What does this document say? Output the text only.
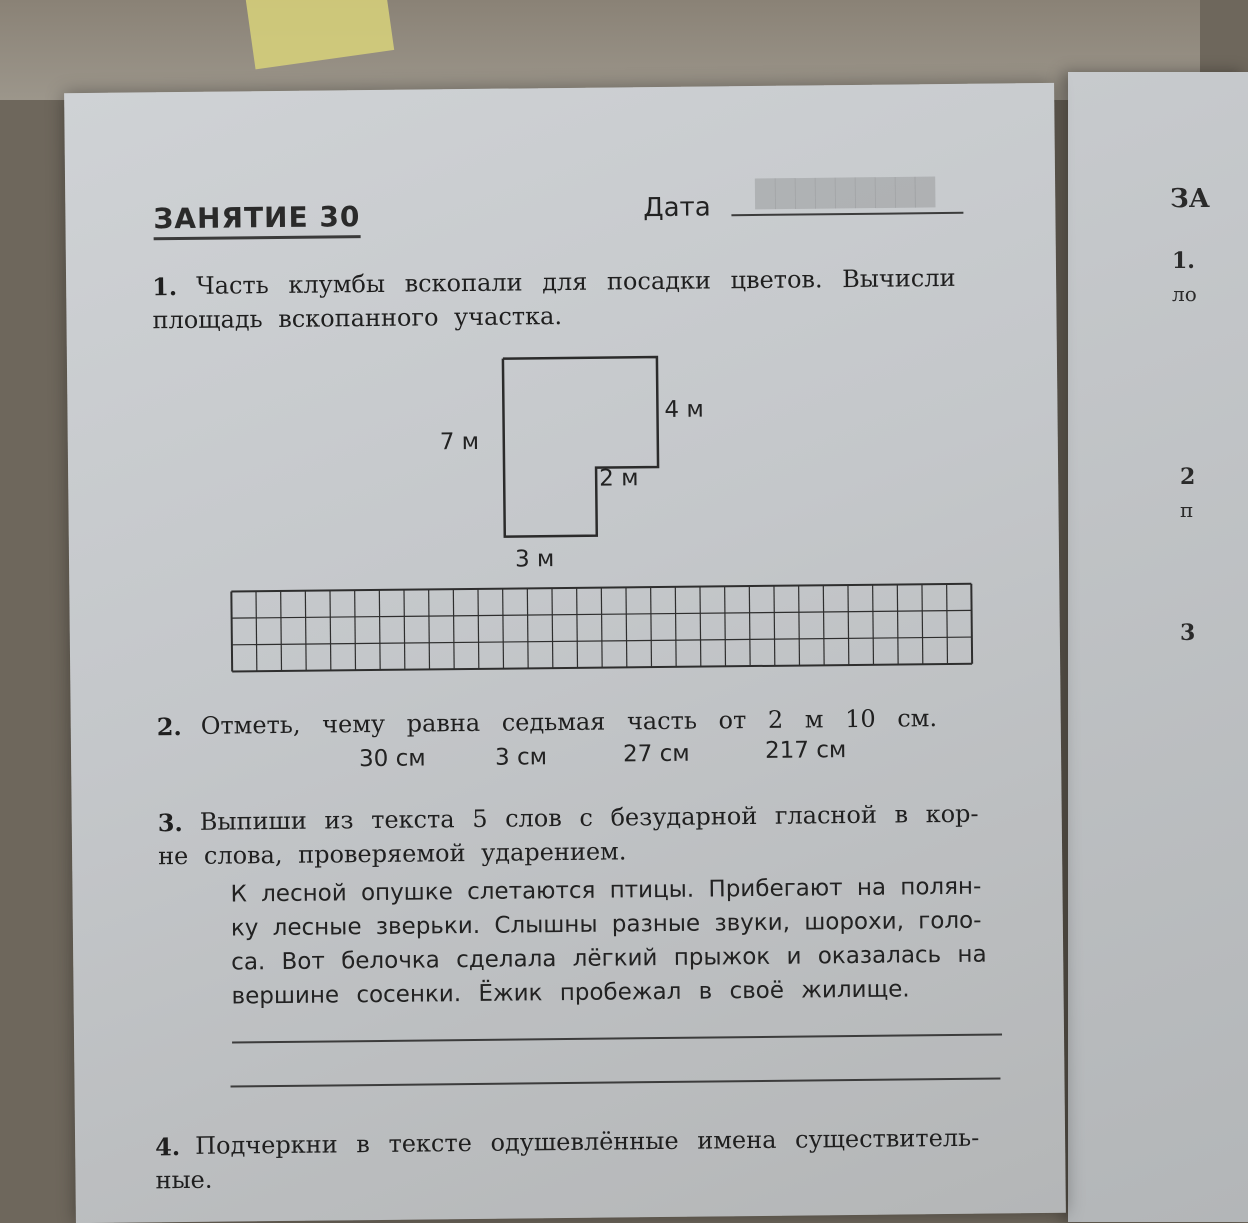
ЗА
1.
ло
2
п
3
█████████
ЗАНЯТИЕ 30	Дата
1. Часть клумбы вскопали для посадки цветов. Вычисли
площадь вскопанного участка.
7 м
4 м
2 м
3 м
2. Отметь, чему равна седьмая часть от 2 м 10 см.
30 см	3 см	27 см	217 см
3. Выпиши из текста 5 слов с безударной гласной в кор-
не слова, проверяемой ударением.
К лесной опушке слетаются птицы. Прибегают на полян-
ку лесные зверьки. Слышны разные звуки, шорохи, голо-
са. Вот белочка сделала лёгкий прыжок и оказалась на
вершине сосенки. Ёжик пробежал в своё жилище.
4. Подчеркни в тексте одушевлённые имена существитель-
ные.
